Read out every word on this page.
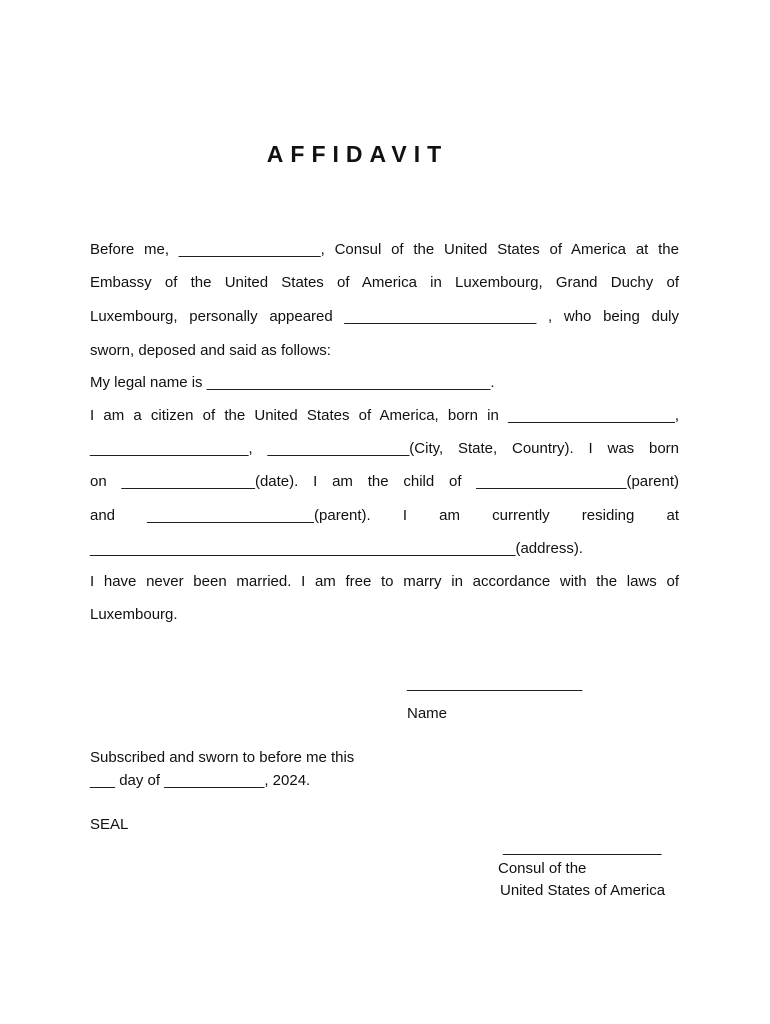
AFFIDAVIT
Before me, _________________, Consul of the United States of America at the
Embassy of the United States of America in Luxembourg, Grand Duchy of
Luxembourg, personally appeared _______________________ , who being duly
sworn, deposed and said as follows:
My legal name is __________________________________.
I am a citizen of the United States of America, born in ____________________,
___________________, _________________(City, State, Country). I was born
on ________________(date). I am the child of __________________(parent)
and ____________________(parent). I am currently residing at
___________________________________________________(address).
I have never been married. I am free to marry in accordance with the laws of
Luxembourg.
_____________________
Name
Subscribed and sworn to before me this
___ day of ____________, 2024.
SEAL
___________________
Consul of the
United States of America
